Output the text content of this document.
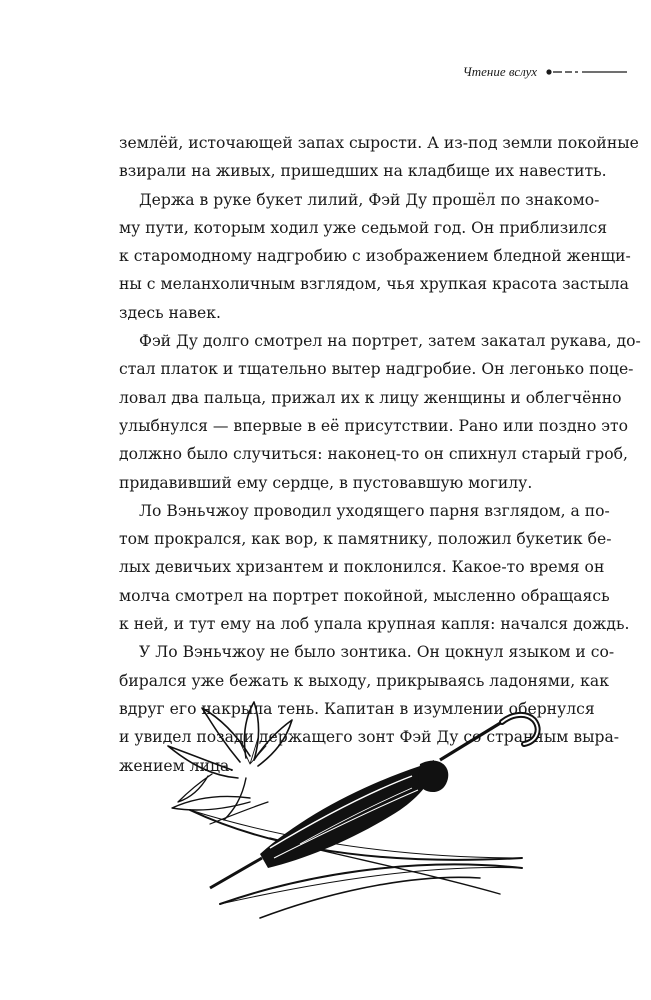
Чтение вслух

землёй, источающей запах сырости. А из-под земли покойные
взирали на живых, пришедших на кладбище их навестить.

Держа в руке букет лилий, Фэй Ду прошёл по знакомо-
му пути, которым ходил уже седьмой год. Он приблизился
к старомодному надгробию с изображением бледной женщи-
ны с меланхоличным взглядом, чья хрупкая красота застыла
здесь навек.

Фэй Ду долго смотрел на портрет, затем закатал рукава, до-
стал платок и тщательно вытер надгробие. Он легонько поце-
ловал два пальца, прижал их к лицу женщины и облегчённо
улыбнулся — впервые в её присутствии. Рано или поздно это
должно было случиться: наконец-то он спихнул старый гроб,
придавивший ему сердце, в пустовавшую могилу.

Ло Вэньчжоу проводил уходящего парня взглядом, а по-
том прокрался, как вор, к памятнику, положил букетик бе-
лых девичьих хризантем и поклонился. Какое-то время он
молча смотрел на портрет покойной, мысленно обращаясь
к ней, и тут ему на лоб упала крупная капля: начался дождь.

У Ло Вэньчжоу не было зонтика. Он цокнул языком и со-
бирался уже бежать к выходу, прикрываясь ладонями, как
вдруг его накрыла тень. Капитан в изумлении обернулся
и увидел позади держащего зонт Фэй Ду со странным выра-
жением лица.
